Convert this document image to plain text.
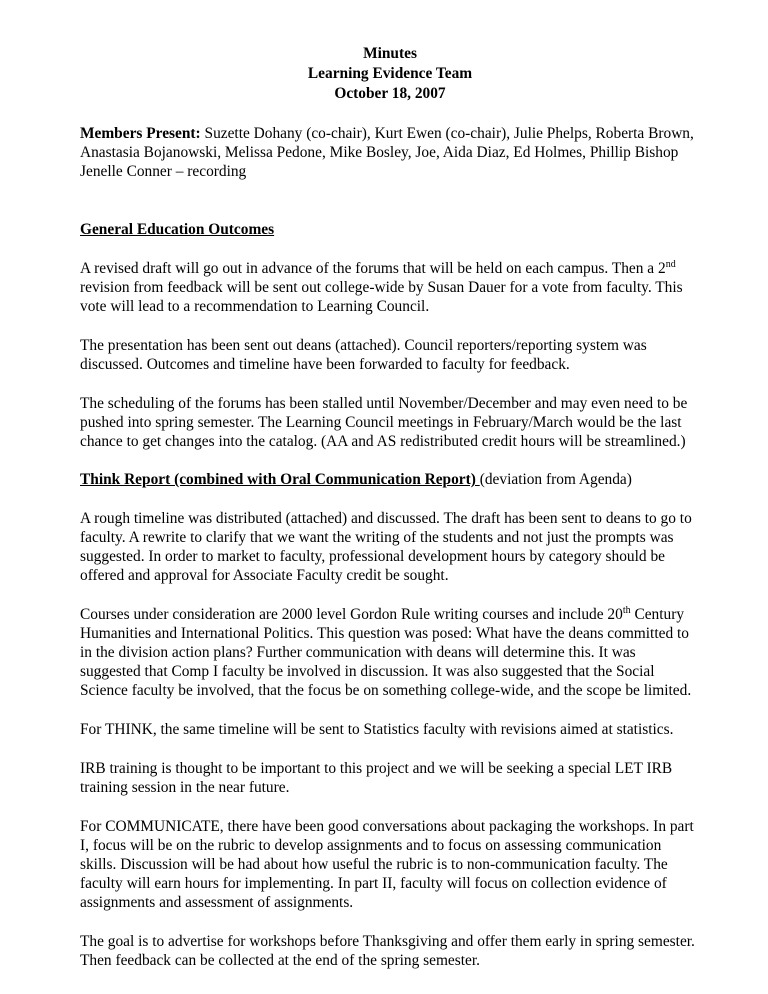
Minutes
Learning Evidence Team
October 18, 2007

Members Present: Suzette Dohany (co-chair), Kurt Ewen (co-chair), Julie Phelps, Roberta Brown, Anastasia Bojanowski, Melissa Pedone, Mike Bosley, Joe, Aida Diaz, Ed Holmes, Phillip Bishop
Jenelle Conner – recording

General Education Outcomes

A revised draft will go out in advance of the forums that will be held on each campus. Then a 2nd revision from feedback will be sent out college-wide by Susan Dauer for a vote from faculty. This vote will lead to a recommendation to Learning Council.

The presentation has been sent out deans (attached). Council reporters/reporting system was discussed. Outcomes and timeline have been forwarded to faculty for feedback.

The scheduling of the forums has been stalled until November/December and may even need to be pushed into spring semester. The Learning Council meetings in February/March would be the last chance to get changes into the catalog. (AA and AS redistributed credit hours will be streamlined.)

Think Report (combined with Oral Communication Report) (deviation from Agenda)

A rough timeline was distributed (attached) and discussed. The draft has been sent to deans to go to faculty. A rewrite to clarify that we want the writing of the students and not just the prompts was suggested. In order to market to faculty, professional development hours by category should be offered and approval for Associate Faculty credit be sought.

Courses under consideration are 2000 level Gordon Rule writing courses and include 20th Century Humanities and International Politics. This question was posed: What have the deans committed to in the division action plans? Further communication with deans will determine this. It was suggested that Comp I faculty be involved in discussion. It was also suggested that the Social Science faculty be involved, that the focus be on something college-wide, and the scope be limited.

For THINK, the same timeline will be sent to Statistics faculty with revisions aimed at statistics.

IRB training is thought to be important to this project and we will be seeking a special LET IRB training session in the near future.

For COMMUNICATE, there have been good conversations about packaging the workshops. In part I, focus will be on the rubric to develop assignments and to focus on assessing communication skills. Discussion will be had about how useful the rubric is to non-communication faculty. The faculty will earn hours for implementing. In part II, faculty will focus on collection evidence of assignments and assessment of assignments.

The goal is to advertise for workshops before Thanksgiving and offer them early in spring semester. Then feedback can be collected at the end of the spring semester.
